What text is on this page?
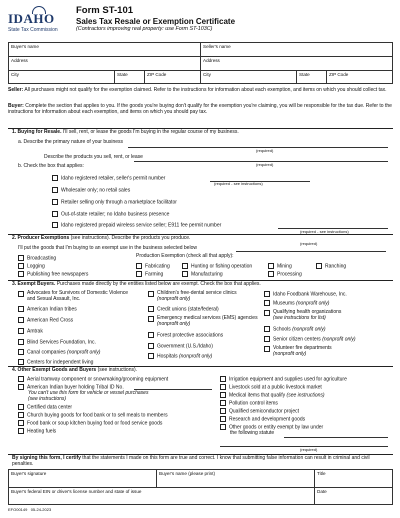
IDAHO
State Tax Commission
Form ST-101
Sales Tax Resale or Exemption Certificate
(Contractors improving real property: use Form ST-103C)
Buyer's name	Seller's name
Address	Address
City	State	ZIP Code	City	State	ZIP Code
Seller: All purchases might not qualify for the exemption claimed. Refer to the instructions for information about each exemption, and items on which you should collect tax.
Buyer: Complete the section that applies to you. If the goods you're buying don't qualify for the exemption you're claiming, you will be responsible for the tax due. Refer to the instructions for information about each exemption, and items on which you should pay tax.
1. Buying for Resale. I'll sell, rent, or lease the goods I'm buying in the regular course of my business.
a. Describe the primary nature of your business
(required)
Describe the products you sell, rent, or lease
(required)
b. Check the box that applies:
Idaho registered retailer, seller's permit number
(required - see instructions)
Wholesaler only; no retail sales
Retailer selling only through a marketplace facilitator
Out-of-state retailer; no Idaho business presence
Idaho registered prepaid wireless service seller; E911 fee permit number
(required - see instructions)
2. Producer Exemptions (see instructions). Describe the products you produce.
I'll put the goods that I'm buying to an exempt use in the business selected below
(required)
Broadcasting
Logging
Publishing free newspapers
Production Exemption (check all that apply):
Fabricating	Hunting or fishing operation	Mining	Ranching
Farming	Manufacturing	Processing
3. Exempt Buyers. Purchases made directly by the entities listed below are exempt. Check the box that applies.
Advocates for Survivors of Domestic Violence and Sexual Assault, Inc.
American Indian tribes
American Red Cross
Amtrak
Blind Services Foundation, Inc.
Canal companies (nonprofit only)
Centers for independent living
Children's free-dental service clinics (nonprofit only)
Credit unions (state/federal)
Emergency medical services (EMS) agencies (nonprofit only)
Forest protective associations
Government (U.S./Idaho)
Hospitals (nonprofit only)
Idaho Foodbank Warehouse, Inc.
Museums (nonprofit only)
Qualifying health organizations
(see instructions for list)
Schools (nonprofit only)
Senior citizen centers (nonprofit only)
Volunteer fire departments
(nonprofit only)
4. Other Exempt Goods and Buyers (see instructions).
Aerial tramway component or snowmaking/grooming equipment
American Indian buyer holding Tribal ID No.
You can't use this form for vehicle or vessel purchases
(see instructions)
Certified data center
Church buying goods for food bank or to sell meals to members
Food bank or soup kitchen buying food or food service goods
Heating fuels
Irrigation equipment and supplies used for agriculture
Livestock sold at a public livestock market
Medical items that qualify (see instructions)
Pollution control items
Qualified semiconductor project
Research and development goods
Other goods or entity exempt by law under
the following statute
(required)
By signing this form, I certify that the statements I made on this form are true and correct. I know that submitting false information can result in criminal and civil penalties.
Buyer's signature	Buyer's name (please print)	Title
Buyer's federal EIN or driver's license number and state of issue	Date
EFO00149 05-24-2023
